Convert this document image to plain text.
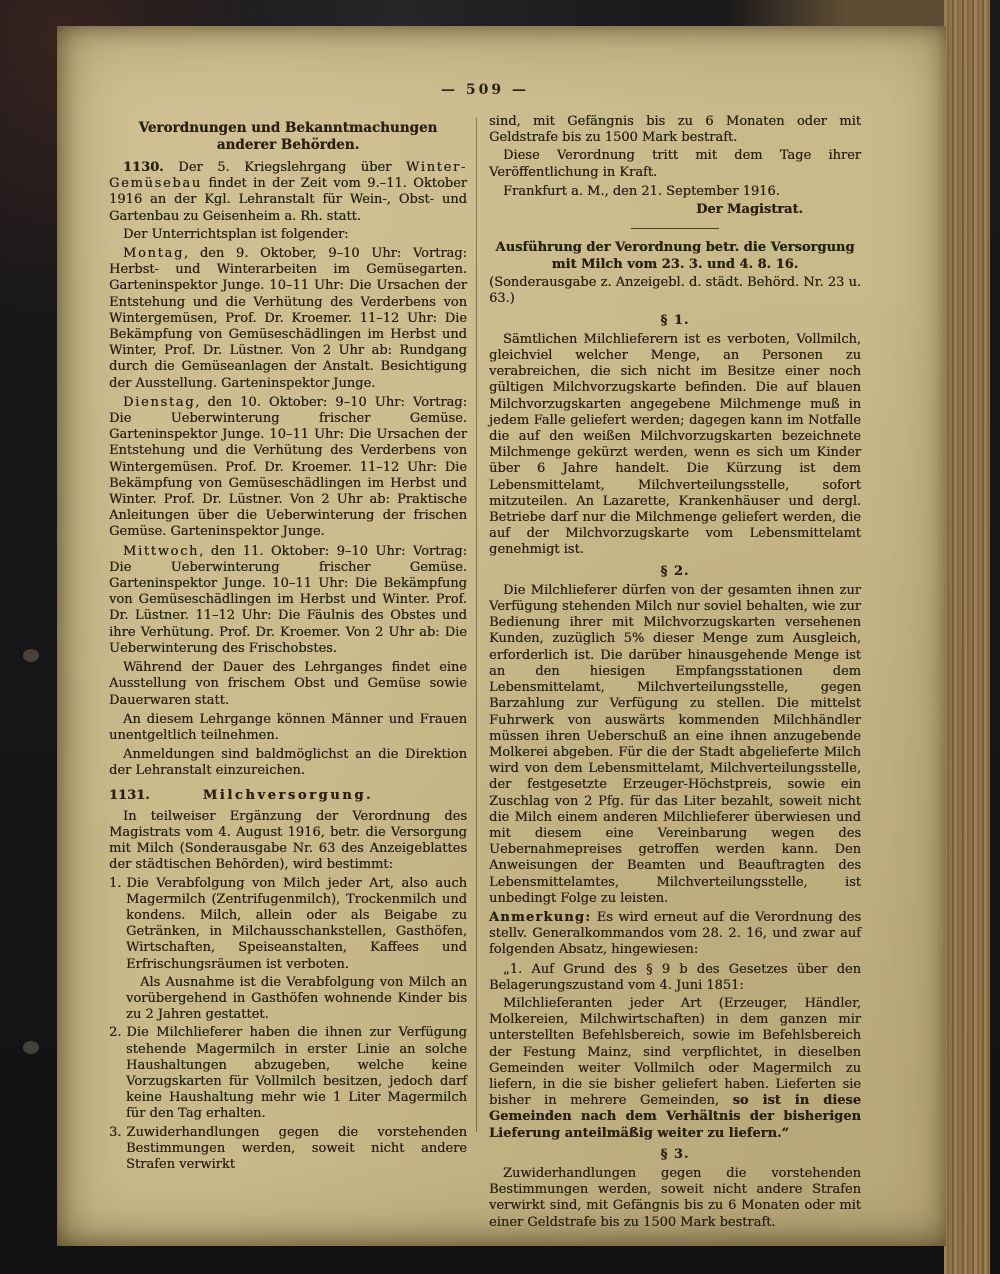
— 509 —
Verordnungen und Bekanntmachungen anderer Behörden.

1130. Der 5. Kriegslehrgang über Winter-Gemüsebau findet in der Zeit vom 9.–11. Oktober 1916 an der Kgl. Lehranstalt für Wein-, Obst- und Gartenbau zu Geisenheim a. Rh. statt.

Der Unterrichtsplan ist folgender:

Montag, den 9. Oktober, 9–10 Uhr: Vortrag: Herbst- und Winterarbeiten im Gemüsegarten. Garteninspektor Junge. 10–11 Uhr: Die Ursachen der Entstehung und die Verhütung des Verderbens von Wintergemüsen, Prof. Dr. Kroemer. 11–12 Uhr: Die Bekämpfung von Gemüseschädlingen im Herbst und Winter, Prof. Dr. Lüstner. Von 2 Uhr ab: Rundgang durch die Gemüseanlagen der Anstalt. Besichtigung der Ausstellung. Garteninspektor Junge.

Dienstag, den 10. Oktober: 9–10 Uhr: Vortrag: Die Ueberwinterung frischer Gemüse. Garteninspektor Junge. 10–11 Uhr: Die Ursachen der Entstehung und die Verhütung des Verderbens von Wintergemüsen. Prof. Dr. Kroemer. 11–12 Uhr: Die Bekämpfung von Gemüseschädlingen im Herbst und Winter. Prof. Dr. Lüstner. Von 2 Uhr ab: Praktische Anleitungen über die Ueberwinterung der frischen Gemüse. Garteninspektor Junge.

Mittwoch, den 11. Oktober: 9–10 Uhr: Vortrag: Die Ueberwinterung frischer Gemüse. Garteninspektor Junge. 10–11 Uhr: Die Bekämpfung von Gemüseschädlingen im Herbst und Winter. Prof. Dr. Lüstner. 11–12 Uhr: Die Fäulnis des Obstes und ihre Verhütung. Prof. Dr. Kroemer. Von 2 Uhr ab: Die Ueberwinterung des Frischobstes.

Während der Dauer des Lehrganges findet eine Ausstellung von frischem Obst und Gemüse sowie Dauerwaren statt.

An diesem Lehrgange können Männer und Frauen unentgeltlich teilnehmen.

Anmeldungen sind baldmöglichst an die Direktion der Lehranstalt einzureichen.

1131.	Milchversorgung.

In teilweiser Ergänzung der Verordnung des Magistrats vom 4. August 1916, betr. die Versorgung mit Milch (Sonderausgabe Nr. 63 des Anzeigeblattes der städtischen Behörden), wird bestimmt:

1. Die Verabfolgung von Milch jeder Art, also auch Magermilch (Zentrifugenmilch), Trockenmilch und kondens. Milch, allein oder als Beigabe zu Getränken, in Milchausschankstellen, Gasthöfen, Wirtschaften, Speiseanstalten, Kaffees und Erfrischungsräumen ist verboten.
Als Ausnahme ist die Verabfolgung von Milch an vorübergehend in Gasthöfen wohnende Kinder bis zu 2 Jahren gestattet.
2. Die Milchlieferer haben die ihnen zur Verfügung stehende Magermilch in erster Linie an solche Haushaltungen abzugeben, welche keine Vorzugskarten für Vollmilch besitzen, jedoch darf keine Haushaltung mehr wie 1 Liter Magermilch für den Tag erhalten.
3. Zuwiderhandlungen gegen die vorstehenden Bestimmungen werden, soweit nicht andere Strafen verwirkt

sind, mit Gefängnis bis zu 6 Monaten oder mit Geldstrafe bis zu 1500 Mark bestraft.

Diese Verordnung tritt mit dem Tage ihrer Veröffentlichung in Kraft.

Frankfurt a. M., den 21. September 1916.

Der Magistrat.

Ausführung der Verordnung betr. die Versorgung mit Milch vom 23. 3. und 4. 8. 16.

(Sonderausgabe z. Anzeigebl. d. städt. Behörd. Nr. 23 u. 63.)

§ 1.

Sämtlichen Milchlieferern ist es verboten, Vollmilch, gleichviel welcher Menge, an Personen zu verabreichen, die sich nicht im Besitze einer noch gültigen Milchvorzugskarte befinden. Die auf blauen Milchvorzugskarten angegebene Milchmenge muß in jedem Falle geliefert werden; dagegen kann im Notfalle die auf den weißen Milchvorzugskarten bezeichnete Milchmenge gekürzt werden, wenn es sich um Kinder über 6 Jahre handelt. Die Kürzung ist dem Lebensmittelamt, Milchverteilungsstelle, sofort mitzuteilen. An Lazarette, Krankenhäuser und dergl. Betriebe darf nur die Milchmenge geliefert werden, die auf der Milchvorzugskarte vom Lebensmittelamt genehmigt ist.

§ 2.

Die Milchlieferer dürfen von der gesamten ihnen zur Verfügung stehenden Milch nur soviel behalten, wie zur Bedienung ihrer mit Milchvorzugskarten versehenen Kunden, zuzüglich 5% dieser Menge zum Ausgleich, erforderlich ist. Die darüber hinausgehende Menge ist an den hiesigen Empfangsstationen dem Lebensmittelamt, Milchverteilungsstelle, gegen Barzahlung zur Verfügung zu stellen. Die mittelst Fuhrwerk von auswärts kommenden Milchhändler müssen ihren Ueberschuß an eine ihnen anzugebende Molkerei abgeben. Für die der Stadt abgelieferte Milch wird von dem Lebensmittelamt, Milchverteilungsstelle, der festgesetzte Erzeuger-Höchstpreis, sowie ein Zuschlag von 2 Pfg. für das Liter bezahlt, soweit nicht die Milch einem anderen Milchlieferer überwiesen und mit diesem eine Vereinbarung wegen des Uebernahmepreises getroffen werden kann. Den Anweisungen der Beamten und Beauftragten des Lebensmittelamtes, Milchverteilungsstelle, ist unbedingt Folge zu leisten.

Anmerkung: Es wird erneut auf die Verordnung des stellv. Generalkommandos vom 28. 2. 16, und zwar auf folgenden Absatz, hingewiesen:

„1. Auf Grund des § 9 b des Gesetzes über den Belagerungszustand vom 4. Juni 1851:

Milchlieferanten jeder Art (Erzeuger, Händler, Molkereien, Milchwirtschaften) in dem ganzen mir unterstellten Befehlsbereich, sowie im Befehlsbereich der Festung Mainz, sind verpflichtet, in dieselben Gemeinden weiter Vollmilch oder Magermilch zu liefern, in die sie bisher geliefert haben. Lieferten sie bisher in mehrere Gemeinden, so ist in diese Gemeinden nach dem Verhältnis der bisherigen Lieferung anteilmäßig weiter zu liefern.“

§ 3.

Zuwiderhandlungen gegen die vorstehenden Bestimmungen werden, soweit nicht andere Strafen verwirkt sind, mit Gefängnis bis zu 6 Monaten oder mit einer Geldstrafe bis zu 1500 Mark bestraft.
